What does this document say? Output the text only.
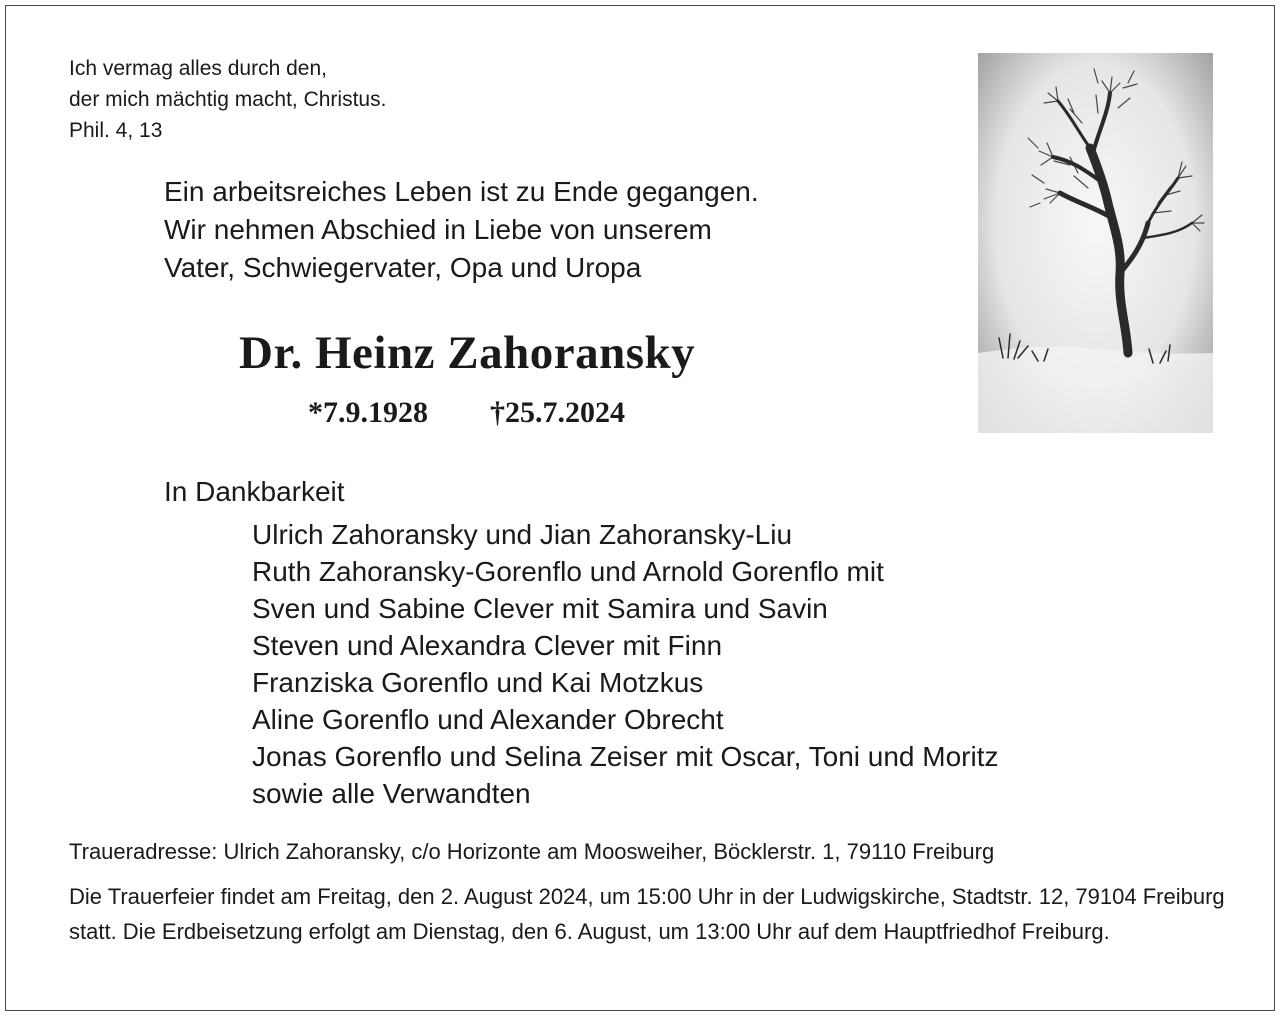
Ich vermag alles durch den,
der mich mächtig macht, Christus.
Phil. 4, 13
Ein arbeitsreiches Leben ist zu Ende gegangen.
Wir nehmen Abschied in Liebe von unserem
Vater, Schwiegervater, Opa und Uropa
Dr. Heinz Zahoransky
*7.9.1928 †25.7.2024
In Dankbarkeit
Ulrich Zahoransky und Jian Zahoransky-Liu
Ruth Zahoransky-Gorenflo und Arnold Gorenflo mit
Sven und Sabine Clever mit Samira und Savin
Steven und Alexandra Clever mit Finn
Franziska Gorenflo und Kai Motzkus
Aline Gorenflo und Alexander Obrecht
Jonas Gorenflo und Selina Zeiser mit Oscar, Toni und Moritz
sowie alle Verwandten
Traueradresse: Ulrich Zahoransky, c/o Horizonte am Moosweiher, Böcklerstr. 1, 79110 Freiburg

Die Trauerfeier findet am Freitag, den 2. August 2024, um 15:00 Uhr in der Ludwigskirche, Stadtstr. 12, 79104 Freiburg statt. Die Erdbeisetzung erfolgt am Dienstag, den 6. August, um 13:00 Uhr auf dem Hauptfriedhof Freiburg.
